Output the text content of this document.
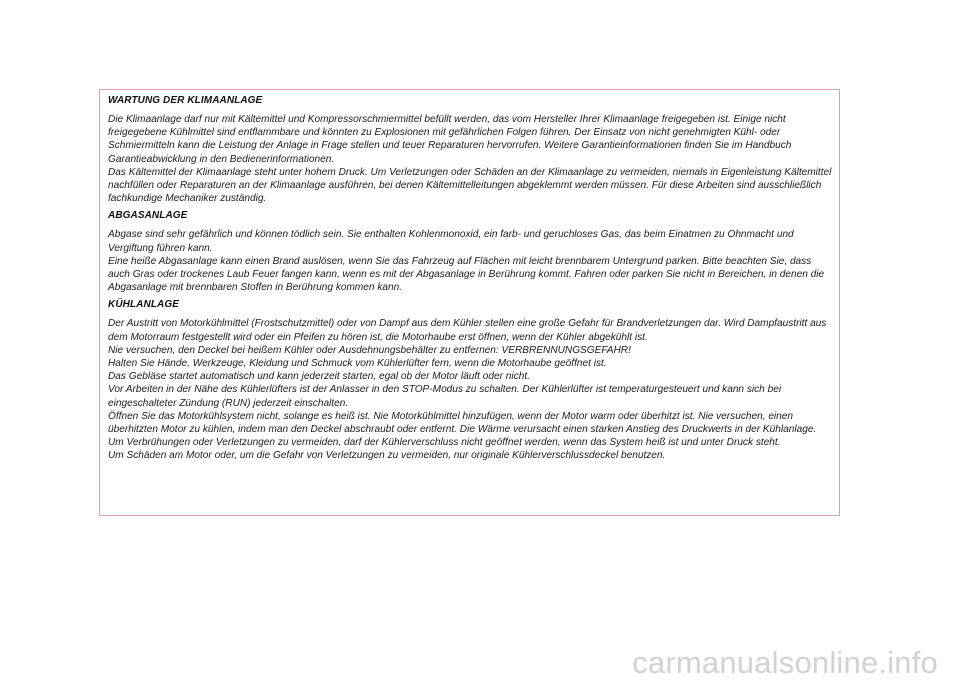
WARTUNG DER KLIMAANLAGE

Die Klimaanlage darf nur mit Kältemittel und Kompressorschmiermittel befüllt werden, das vom Hersteller Ihrer Klimaanlage freigegeben ist. Einige nicht freigegebene Kühlmittel sind entflammbare und könnten zu Explosionen mit gefährlichen Folgen führen. Der Einsatz von nicht genehmigten Kühl- oder Schmiermitteln kann die Leistung der Anlage in Frage stellen und teuer Reparaturen hervorrufen. Weitere Garantieinformationen finden Sie im Handbuch Garantieabwicklung in den Bedienerinformationen.

Das Kältemittel der Klimaanlage steht unter hohem Druck. Um Verletzungen oder Schäden an der Klimaanlage zu vermeiden, niemals in Eigenleistung Kältemittel nachfüllen oder Reparaturen an der Klimaanlage ausführen, bei denen Kältemittelleitungen abgeklemmt werden müssen. Für diese Arbeiten sind ausschließlich fachkundige Mechaniker zuständig.

ABGASANLAGE

Abgase sind sehr gefährlich und können tödlich sein. Sie enthalten Kohlenmonoxid, ein farb- und geruchloses Gas, das beim Einatmen zu Ohnmacht und Vergiftung führen kann.

Eine heiße Abgasanlage kann einen Brand auslösen, wenn Sie das Fahrzeug auf Flächen mit leicht brennbarem Untergrund parken. Bitte beachten Sie, dass auch Gras oder trockenes Laub Feuer fangen kann, wenn es mit der Abgasanlage in Berührung kommt. Fahren oder parken Sie nicht in Bereichen, in denen die Abgasanlage mit brennbaren Stoffen in Berührung kommen kann.

KÜHLANLAGE

Der Austritt von Motorkühlmittel (Frostschutzmittel) oder von Dampf aus dem Kühler stellen eine große Gefahr für Brandverletzungen dar. Wird Dampfaustritt aus dem Motorraum festgestellt wird oder ein Pfeifen zu hören ist, die Motorhaube erst öffnen, wenn der Kühler abgekühlt ist.

Nie versuchen, den Deckel bei heißem Kühler oder Ausdehnungsbehälter zu entfernen: VERBRENNUNGSGEFAHR!

Halten Sie Hände, Werkzeuge, Kleidung und Schmuck vom Kühlerlüfter fern, wenn die Motorhaube geöffnet ist.

Das Gebläse startet automatisch und kann jederzeit starten, egal ob der Motor läuft oder nicht.

Vor Arbeiten in der Nähe des Kühlerlüfters ist der Anlasser in den STOP-Modus zu schalten. Der Kühlerlüfter ist temperaturgesteuert und kann sich bei eingeschalteter Zündung (RUN) jederzeit einschalten.

Öffnen Sie das Motorkühlsystem nicht, solange es heiß ist. Nie Motorkühlmittel hinzufügen, wenn der Motor warm oder überhitzt ist. Nie versuchen, einen überhitzten Motor zu kühlen, indem man den Deckel abschraubt oder entfernt. Die Wärme verursacht einen starken Anstieg des Druckwerts in der Kühlanlage. Um Verbrühungen oder Verletzungen zu vermeiden, darf der Kühlerverschluss nicht geöffnet werden, wenn das System heiß ist und unter Druck steht.

Um Schäden am Motor oder, um die Gefahr von Verletzungen zu vermeiden, nur originale Kühlerverschlussdeckel benutzen.

carmanualsonline.info
